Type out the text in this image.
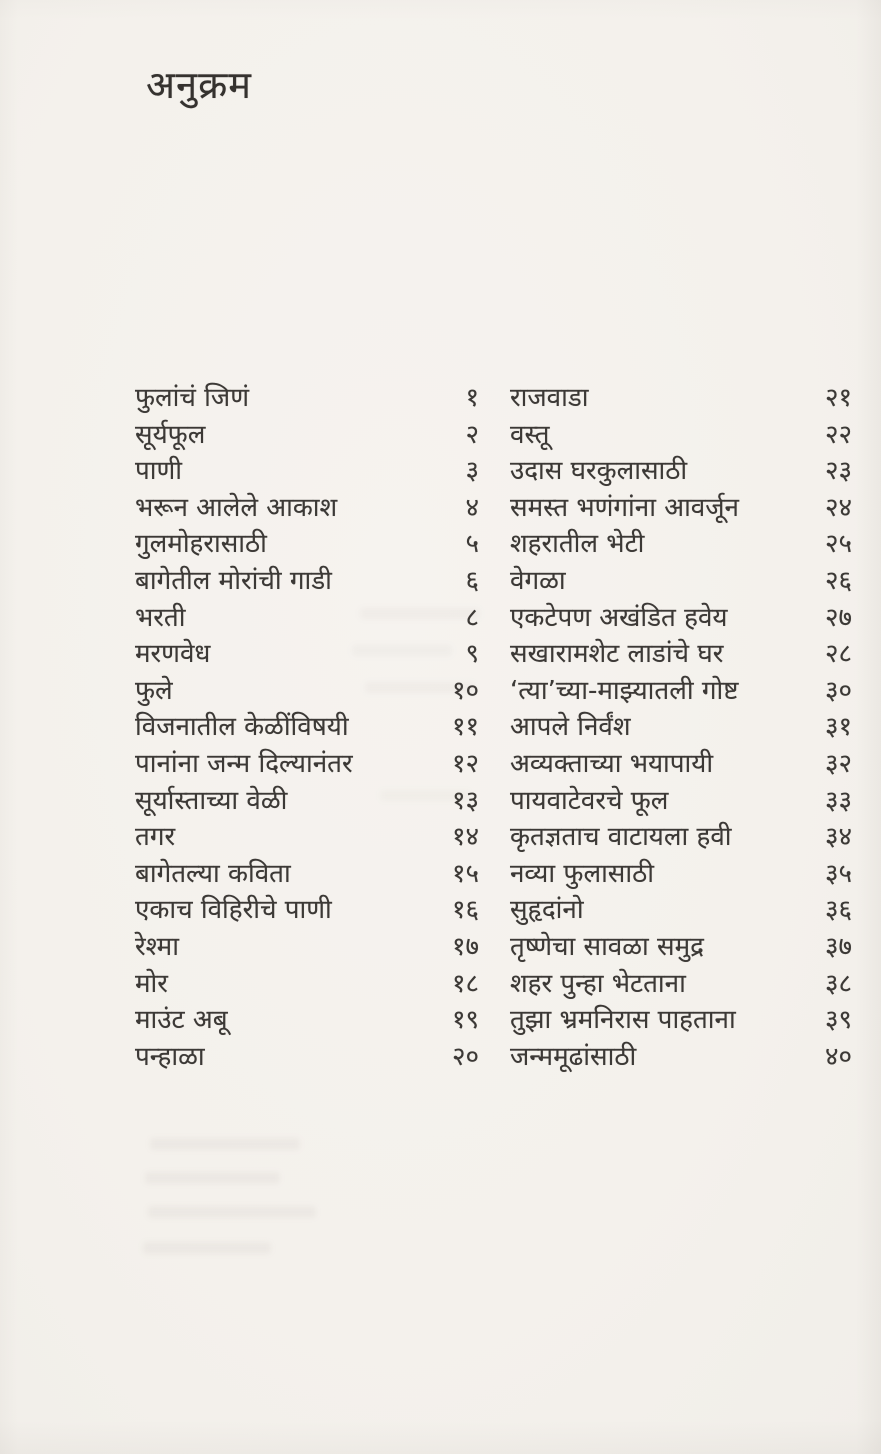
अनुक्रम
फुलांचं जिणं	१
सूर्यफूल	२
पाणी	३
भरून आलेले आकाश	४
गुलमोहरासाठी	५
बागेतील मोरांची गाडी	६
भरती	८
मरणवेध	९
फुले	१०
विजनातील केळींविषयी	११
पानांना जन्म दिल्यानंतर	१२
सूर्यास्ताच्या वेळी	१३
तगर	१४
बागेतल्या कविता	१५
एकाच विहिरीचे पाणी	१६
रेश्मा	१७
मोर	१८
माउंट अबू	१९
पन्हाळा	२०
राजवाडा	२१
वस्तू	२२
उदास घरकुलासाठी	२३
समस्त भणंगांना आवर्जून	२४
शहरातील भेटी	२५
वेगळा	२६
एकटेपण अखंडित हवेय	२७
सखारामशेट लाडांचे घर	२८
‘त्या’च्या-माझ्यातली गोष्ट	३०
आपले निर्वंश	३१
अव्यक्ताच्या भयापायी	३२
पायवाटेवरचे फूल	३३
कृतज्ञताच वाटायला हवी	३४
नव्या फुलासाठी	३५
सुहृदांनो	३६
तृष्णेचा सावळा समुद्र	३७
शहर पुन्हा भेटताना	३८
तुझा भ्रमनिरास पाहताना	३९
जन्ममूढांसाठी	४०
